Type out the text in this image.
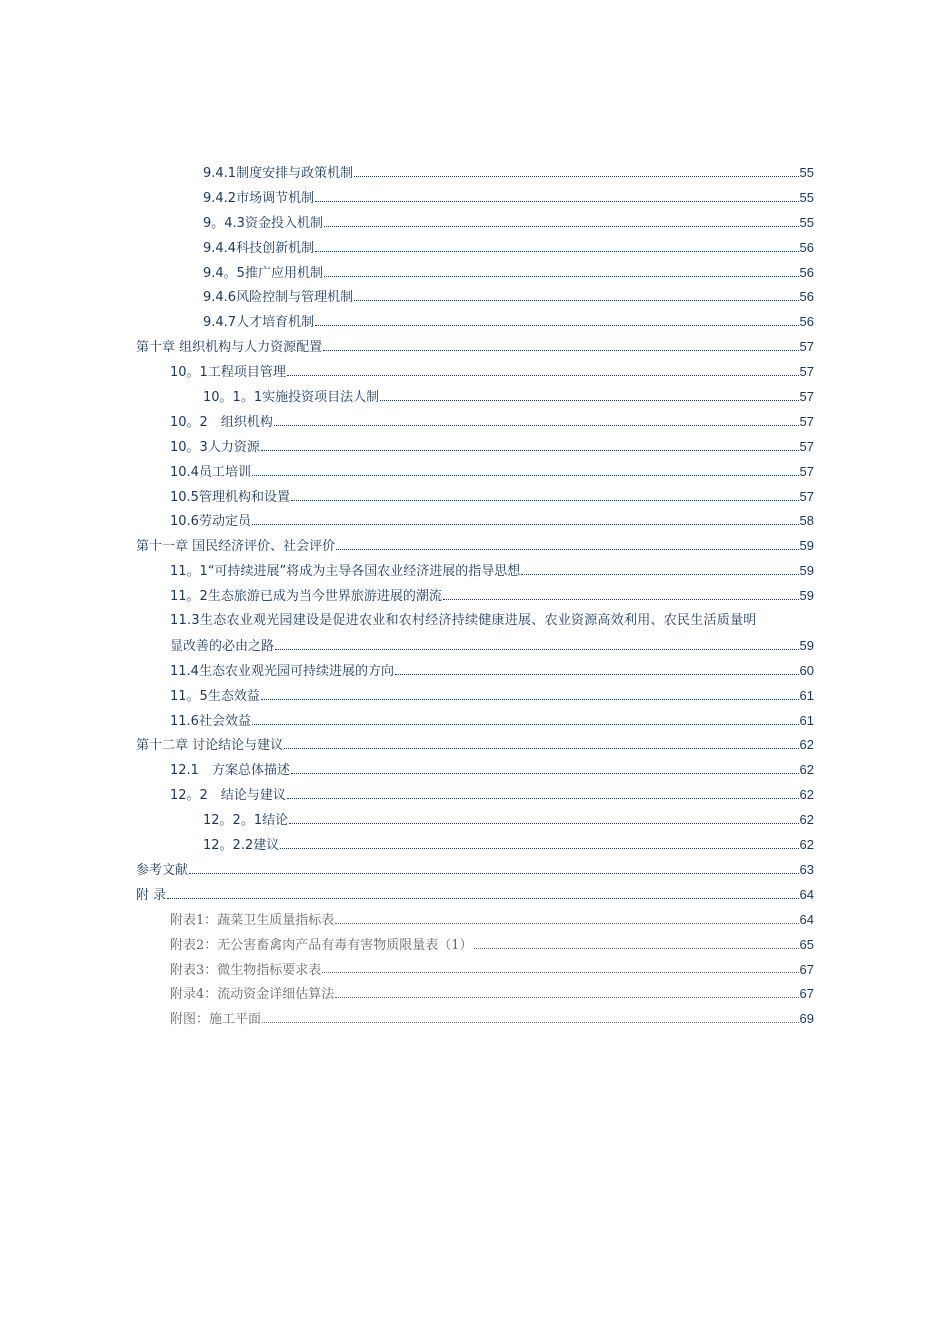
9.4.1制度安排与政策机制	55
9.4.2市场调节机制	55
9。4.3资金投入机制	55
9.4.4科技创新机制	56
9.4。5推广应用机制	56
9.4.6风险控制与管理机制	56
9.4.7人才培育机制	56
第十章 组织机构与人力资源配置	57
10。1工程项目管理	57
10。1。1实施投资项目法人制	57
10。2　组织机构	57
10。3人力资源	57
10.4员工培训	57
10.5管理机构和设置	57
10.6劳动定员	58
第十一章 国民经济评价、社会评价	59
11。1“可持续进展”将成为主导各国农业经济进展的指导思想	59
11。2生态旅游已成为当今世界旅游进展的潮流	59
11.3生态农业观光园建设是促进农业和农村经济持续健康进展、农业资源高效利用、农民生活质量明
显改善的必由之路	59
11.4生态农业观光园可持续进展的方向	60
11。5生态效益	61
11.6社会效益	61
第十二章 讨论结论与建议	62
12.1　方案总体描述	62
12。2　结论与建议	62
12。2。1结论	62
12。2.2建议	62
参考文献	63
附 录	64
附表1：蔬菜卫生质量指标表	64
附表2：无公害畜禽肉产品有毒有害物质限量表（1）	65
附表3：微生物指标要求表	67
附录4：流动资金详细估算法	67
附图：施工平面	69
